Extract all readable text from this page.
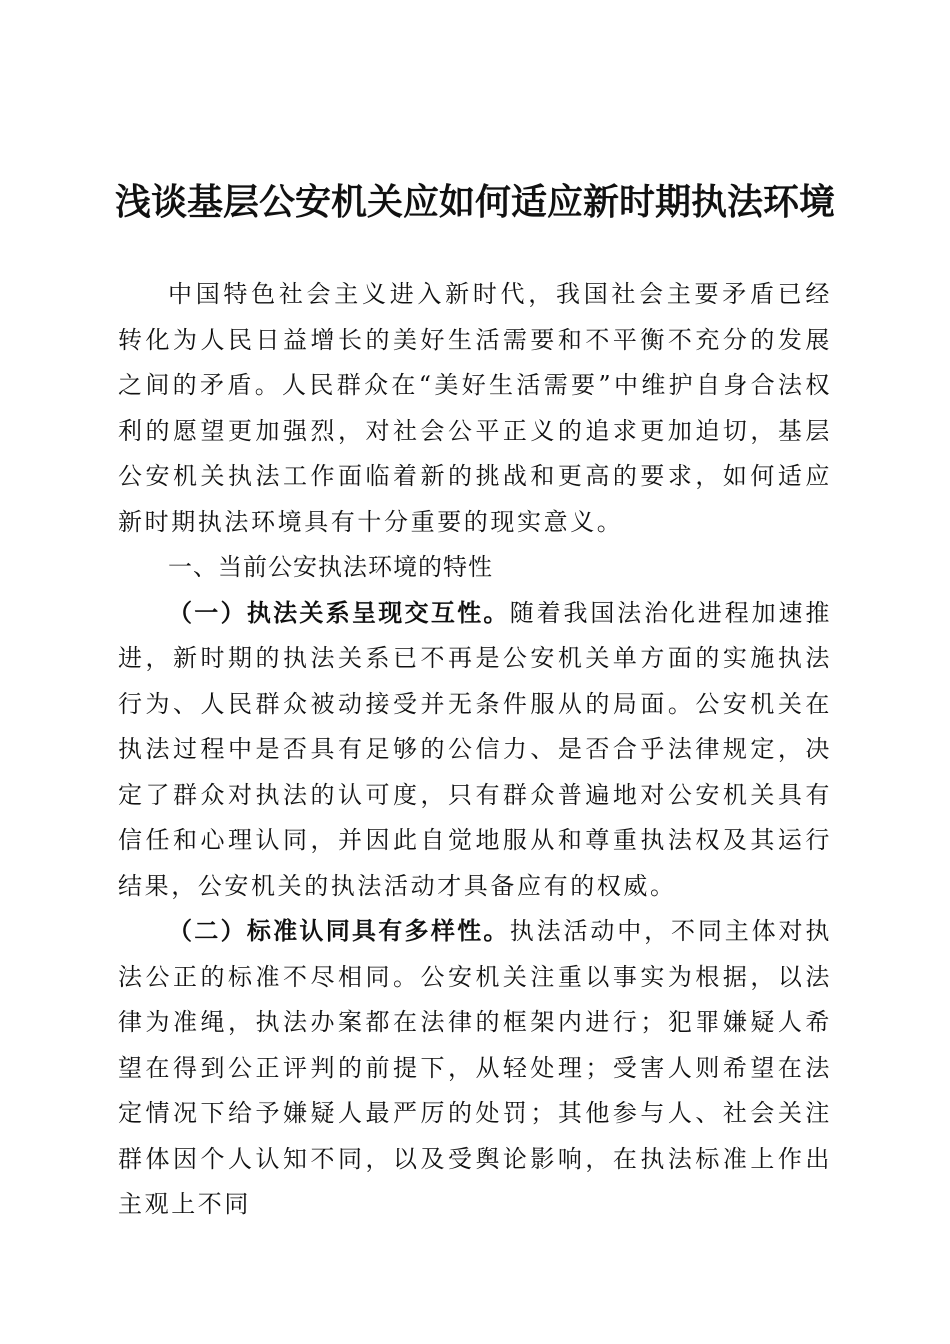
浅谈基层公安机关应如何适应新时期执法环境

中国特色社会主义进入新时代，我国社会主要矛盾已经转化为人民日益增长的美好生活需要和不平衡不充分的发展之间的矛盾。人民群众在“美好生活需要”中维护自身合法权利的愿望更加强烈，对社会公平正义的追求更加迫切，基层公安机关执法工作面临着新的挑战和更高的要求，如何适应新时期执法环境具有十分重要的现实意义。

一、当前公安执法环境的特性

（一）执法关系呈现交互性。随着我国法治化进程加速推进，新时期的执法关系已不再是公安机关单方面的实施执法行为、人民群众被动接受并无条件服从的局面。公安机关在执法过程中是否具有足够的公信力、是否合乎法律规定，决定了群众对执法的认可度，只有群众普遍地对公安机关具有信任和心理认同，并因此自觉地服从和尊重执法权及其运行结果，公安机关的执法活动才具备应有的权威。

（二）标准认同具有多样性。执法活动中，不同主体对执法公正的标准不尽相同。公安机关注重以事实为根据，以法律为准绳，执法办案都在法律的框架内进行；犯罪嫌疑人希望在得到公正评判的前提下，从轻处理；受害人则希望在法定情况下给予嫌疑人最严厉的处罚；其他参与人、社会关注群体因个人认知不同，以及受舆论影响，在执法标准上作出主观上不同
